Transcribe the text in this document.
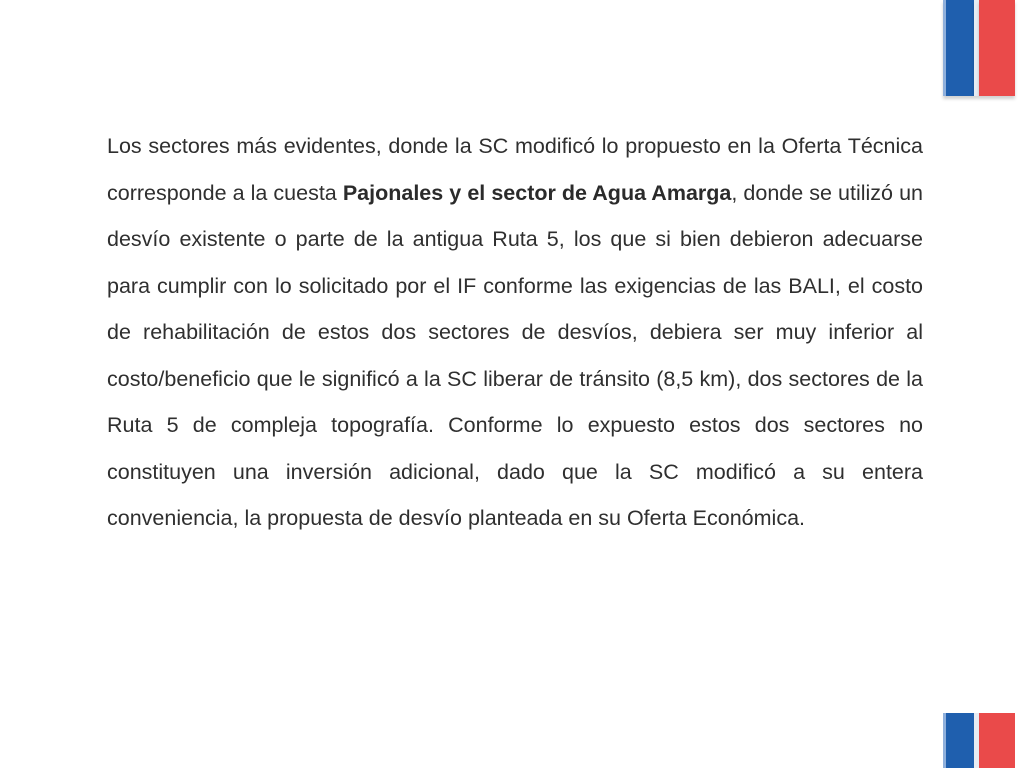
Los sectores más evidentes, donde la SC modificó lo propuesto en la Oferta Técnica corresponde a la cuesta Pajonales y el sector de Agua Amarga, donde se utilizó un desvío existente o parte de la antigua Ruta 5, los que si bien debieron adecuarse para cumplir con lo solicitado por el IF conforme las exigencias de las BALI, el costo de rehabilitación de estos dos sectores de desvíos, debiera ser muy inferior al costo/beneficio que le significó a la SC liberar de tránsito (8,5 km), dos sectores de la Ruta 5 de compleja topografía. Conforme lo expuesto estos dos sectores no constituyen una inversión adicional, dado que la SC modificó a su entera conveniencia, la propuesta de desvío planteada en su Oferta Económica.
